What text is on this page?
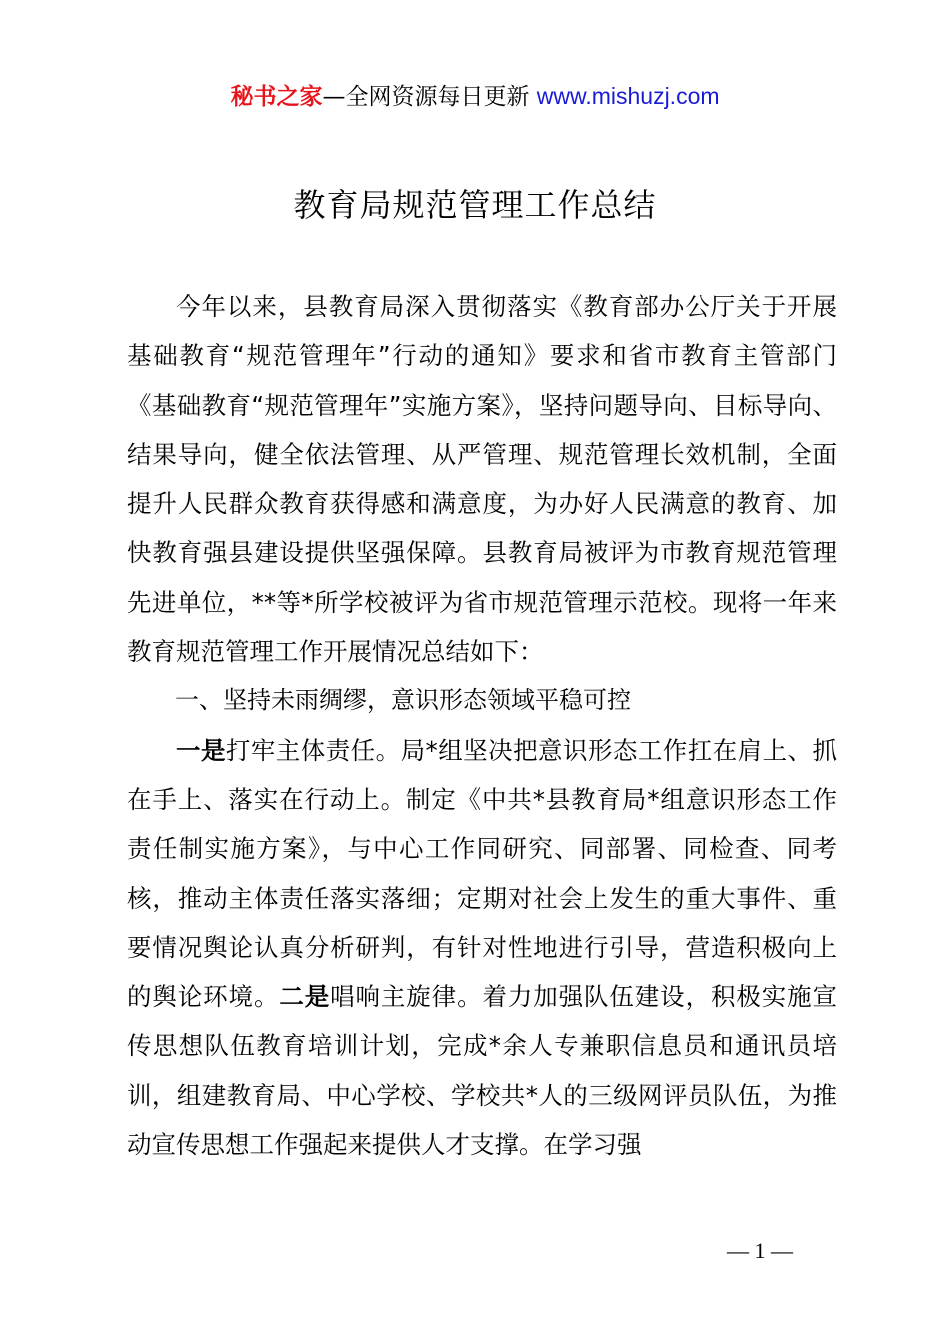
秘书之家—全网资源每日更新 www.mishuzj.com
教育局规范管理工作总结

今年以来，县教育局深入贯彻落实《教育部办公厅关于开展基础教育“规范管理年”行动的通知》要求和省市教育主管部门《基础教育“规范管理年”实施方案》，坚持问题导向、目标导向、结果导向，健全依法管理、从严管理、规范管理长效机制，全面提升人民群众教育获得感和满意度，为办好人民满意的教育、加快教育强县建设提供坚强保障。县教育局被评为市教育规范管理先进单位，**等*所学校被评为省市规范管理示范校。现将一年来教育规范管理工作开展情况总结如下：

一、坚持未雨绸缪，意识形态领域平稳可控

一是打牢主体责任。局*组坚决把意识形态工作扛在肩上、抓在手上、落实在行动上。制定《中共*县教育局*组意识形态工作责任制实施方案》，与中心工作同研究、同部署、同检查、同考核，推动主体责任落实落细；定期对社会上发生的重大事件、重要情况舆论认真分析研判，有针对性地进行引导，营造积极向上的舆论环境。二是唱响主旋律。着力加强队伍建设，积极实施宣传思想队伍教育培训计划，完成*余人专兼职信息员和通讯员培训，组建教育局、中心学校、学校共*人的三级网评员队伍，为推动宣传思想工作强起来提供人才支撑。在学习强

— 1 —
